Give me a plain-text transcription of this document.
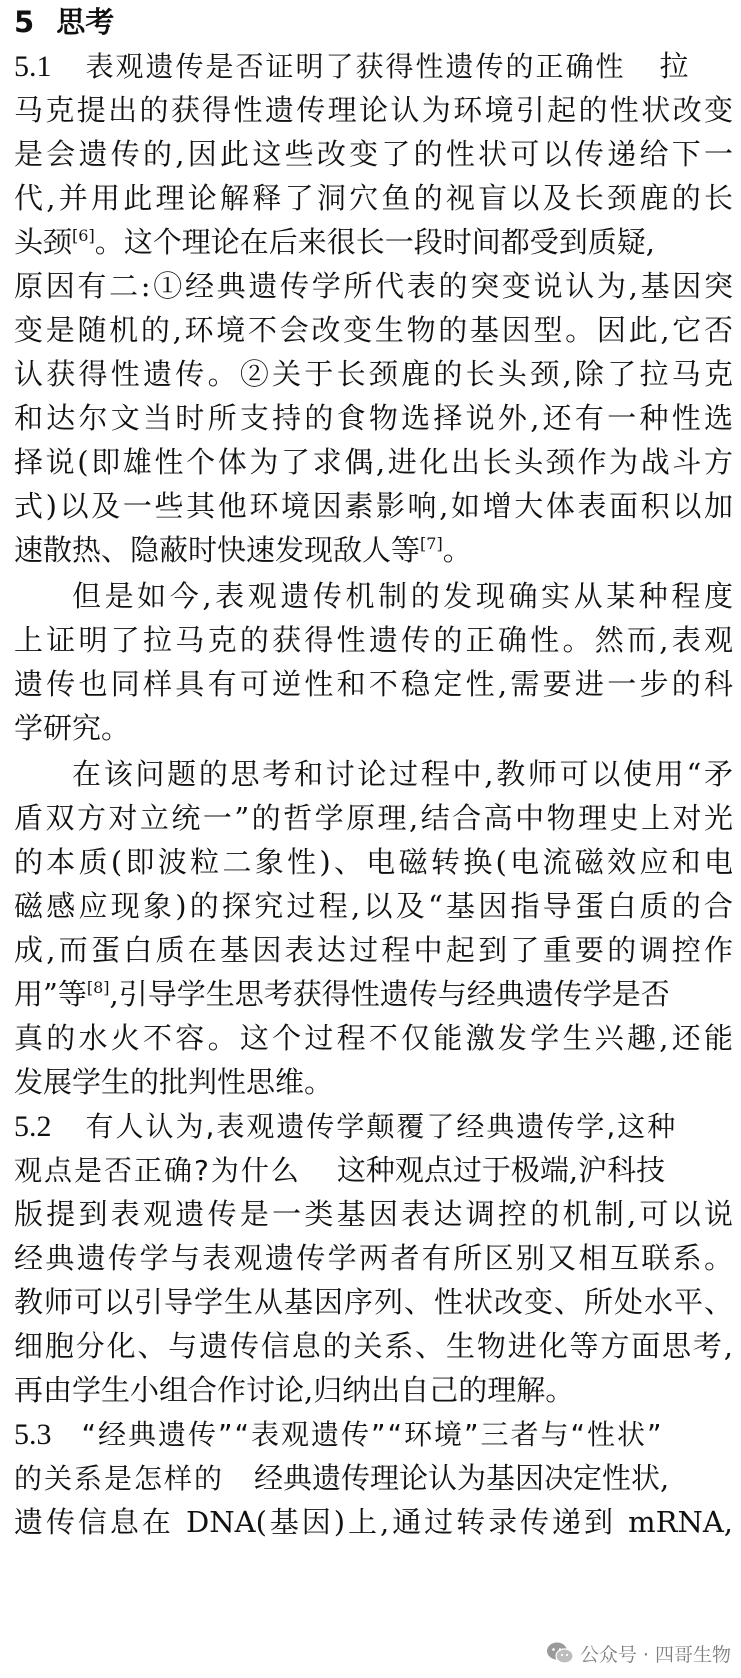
5 思考
5.1 表观遗传是否证明了获得性遗传的正确性 拉
马克提出的获得性遗传理论认为环境引起的性状改变
是会遗传的,因此这些改变了的性状可以传递给下一
代,并用此理论解释了洞穴鱼的视盲以及长颈鹿的长
头颈[6]。这个理论在后来很长一段时间都受到质疑,
原因有二:①经典遗传学所代表的突变说认为,基因突
变是随机的,环境不会改变生物的基因型。因此,它否
认获得性遗传。②关于长颈鹿的长头颈,除了拉马克
和达尔文当时所支持的食物选择说外,还有一种性选
择说(即雄性个体为了求偶,进化出长头颈作为战斗方
式)以及一些其他环境因素影响,如增大体表面积以加
速散热、隐蔽时快速发现敌人等[7]。
但是如今,表观遗传机制的发现确实从某种程度
上证明了拉马克的获得性遗传的正确性。然而,表观
遗传也同样具有可逆性和不稳定性,需要进一步的科
学研究。
在该问题的思考和讨论过程中,教师可以使用“矛
盾双方对立统一”的哲学原理,结合高中物理史上对光
的本质(即波粒二象性)、电磁转换(电流磁效应和电
磁感应现象)的探究过程,以及“基因指导蛋白质的合
成,而蛋白质在基因表达过程中起到了重要的调控作
用”等[8],引导学生思考获得性遗传与经典遗传学是否
真的水火不容。这个过程不仅能激发学生兴趣,还能
发展学生的批判性思维。
5.2 有人认为,表观遗传学颠覆了经典遗传学,这种
观点是否正确?为什么 这种观点过于极端,沪科技
版提到表观遗传是一类基因表达调控的机制,可以说
经典遗传学与表观遗传学两者有所区别又相互联系。
教师可以引导学生从基因序列、性状改变、所处水平、
细胞分化、与遗传信息的关系、生物进化等方面思考,
再由学生小组合作讨论,归纳出自己的理解。
5.3 “经典遗传”“表观遗传”“环境”三者与“性状”
的关系是怎样的 经典遗传理论认为基因决定性状,
遗传信息在 DNA(基因)上,通过转录传递到 mRNA,
公众号 · 四哥生物
